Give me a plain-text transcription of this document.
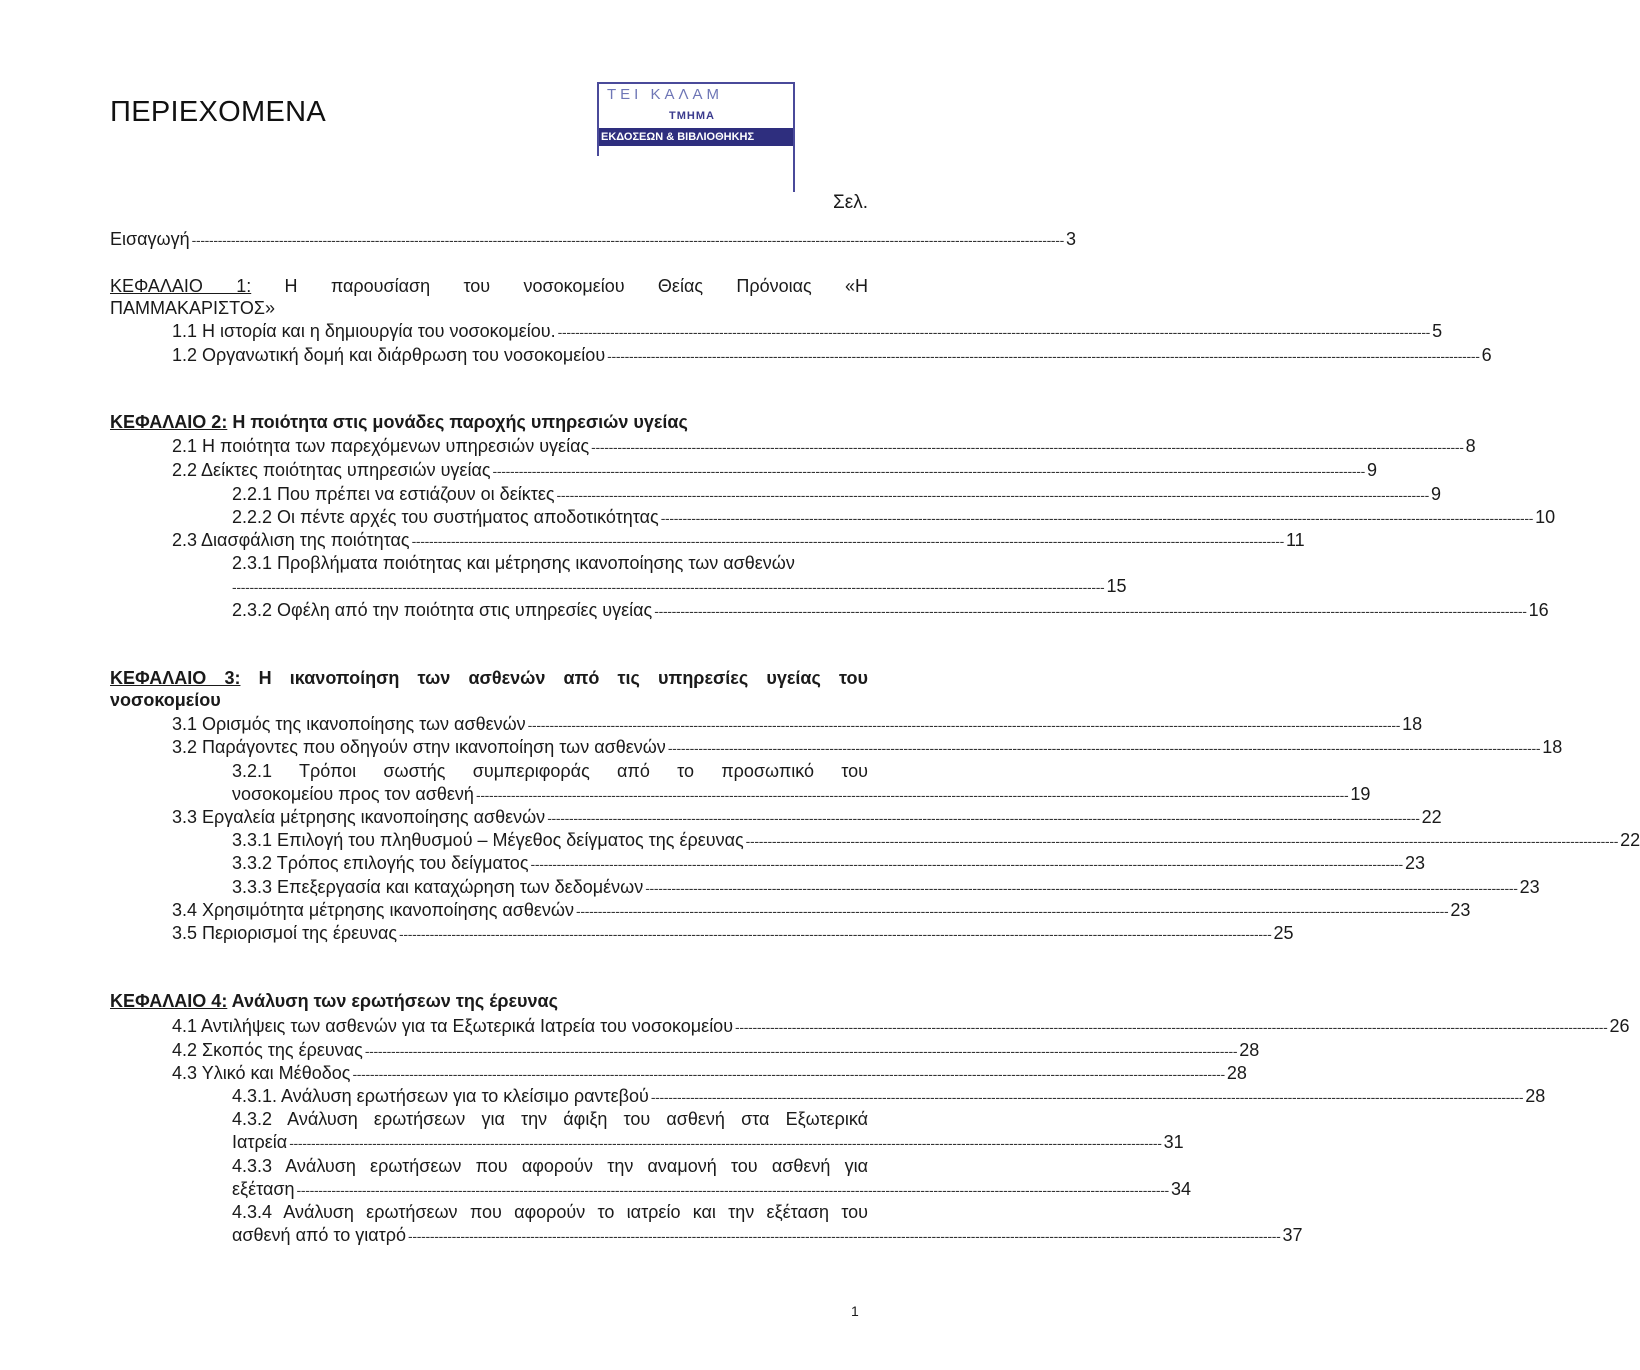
ΠΕΡΙΕΧΟΜΕΝΑ
ΤΕΙ ΚΑΛΑΜ
ΤΜΗΜΑ
ΕΚΔΟΣΕΩΝ & ΒΙΒΛΙΟΘΗΚΗΣ
Σελ.
Εισαγωγή -------------------------------------------------------------------------------------------------------------------------------------------------------------------------------------------------------- 3
ΚΕΦΑΛΑΙΟ 1: Η παρουσίαση του νοσοκομείου Θείας Πρόνοιας «Η
ΠΑΜΜΑΚΑΡΙΣΤΟΣ»
1.1 Η ιστορία και η δημιουργία του νοσοκομείου. -------------------------------------------------------------------------------------------------------------------------------------------------------------------------------------------------------- 5
1.2 Οργανωτική δομή και διάρθρωση του νοσοκομείου -------------------------------------------------------------------------------------------------------------------------------------------------------------------------------------------------------- 6
ΚΕΦΑΛΑΙΟ 2: Η ποιότητα στις μονάδες παροχής υπηρεσιών υγείας
2.1 Η ποιότητα των παρεχόμενων υπηρεσιών υγείας -------------------------------------------------------------------------------------------------------------------------------------------------------------------------------------------------------- 8
2.2 Δείκτες ποιότητας υπηρεσιών υγείας -------------------------------------------------------------------------------------------------------------------------------------------------------------------------------------------------------- 9
2.2.1 Που πρέπει να εστιάζουν οι δείκτες -------------------------------------------------------------------------------------------------------------------------------------------------------------------------------------------------------- 9
2.2.2 Οι πέντε αρχές του συστήματος αποδοτικότητας -------------------------------------------------------------------------------------------------------------------------------------------------------------------------------------------------------- 10
2.3 Διασφάλιση της ποιότητας -------------------------------------------------------------------------------------------------------------------------------------------------------------------------------------------------------- 11
2.3.1 Προβλήματα ποιότητας και μέτρησης ικανοποίησης των ασθενών
-------------------------------------------------------------------------------------------------------------------------------------------------------------------------------------------------------- 15
2.3.2 Οφέλη από την ποιότητα στις υπηρεσίες υγείας -------------------------------------------------------------------------------------------------------------------------------------------------------------------------------------------------------- 16
ΚΕΦΑΛΑΙΟ 3: Η ικανοποίηση των ασθενών από τις υπηρεσίες υγείας του
νοσοκομείου
3.1 Ορισμός της ικανοποίησης των ασθενών -------------------------------------------------------------------------------------------------------------------------------------------------------------------------------------------------------- 18
3.2 Παράγοντες που οδηγούν στην ικανοποίηση των ασθενών -------------------------------------------------------------------------------------------------------------------------------------------------------------------------------------------------------- 18
3.2.1 Τρόποι σωστής συμπεριφοράς από το προσωπικό του
νοσοκομείου προς τον ασθενή -------------------------------------------------------------------------------------------------------------------------------------------------------------------------------------------------------- 19
3.3 Εργαλεία μέτρησης ικανοποίησης ασθενών -------------------------------------------------------------------------------------------------------------------------------------------------------------------------------------------------------- 22
3.3.1 Επιλογή του πληθυσμού – Μέγεθος δείγματος της έρευνας -------------------------------------------------------------------------------------------------------------------------------------------------------------------------------------------------------- 22
3.3.2 Τρόπος επιλογής του δείγματος -------------------------------------------------------------------------------------------------------------------------------------------------------------------------------------------------------- 23
3.3.3 Επεξεργασία και καταχώρηση των δεδομένων -------------------------------------------------------------------------------------------------------------------------------------------------------------------------------------------------------- 23
3.4 Χρησιμότητα μέτρησης ικανοποίησης ασθενών -------------------------------------------------------------------------------------------------------------------------------------------------------------------------------------------------------- 23
3.5 Περιορισμοί της έρευνας -------------------------------------------------------------------------------------------------------------------------------------------------------------------------------------------------------- 25
ΚΕΦΑΛΑΙΟ 4: Ανάλυση των ερωτήσεων της έρευνας
4.1 Αντιλήψεις των ασθενών για τα Εξωτερικά Ιατρεία του νοσοκομείου -------------------------------------------------------------------------------------------------------------------------------------------------------------------------------------------------------- 26
4.2 Σκοπός της έρευνας -------------------------------------------------------------------------------------------------------------------------------------------------------------------------------------------------------- 28
4.3 Υλικό και Μέθοδος -------------------------------------------------------------------------------------------------------------------------------------------------------------------------------------------------------- 28
4.3.1. Ανάλυση ερωτήσεων για το κλείσιμο ραντεβού -------------------------------------------------------------------------------------------------------------------------------------------------------------------------------------------------------- 28
4.3.2 Ανάλυση ερωτήσεων για την άφιξη του ασθενή στα Εξωτερικά
Ιατρεία -------------------------------------------------------------------------------------------------------------------------------------------------------------------------------------------------------- 31
4.3.3 Ανάλυση ερωτήσεων που αφορούν την αναμονή του ασθενή για
εξέταση -------------------------------------------------------------------------------------------------------------------------------------------------------------------------------------------------------- 34
4.3.4 Ανάλυση ερωτήσεων που αφορούν το ιατρείο και την εξέταση του
ασθενή από το γιατρό -------------------------------------------------------------------------------------------------------------------------------------------------------------------------------------------------------- 37
1
